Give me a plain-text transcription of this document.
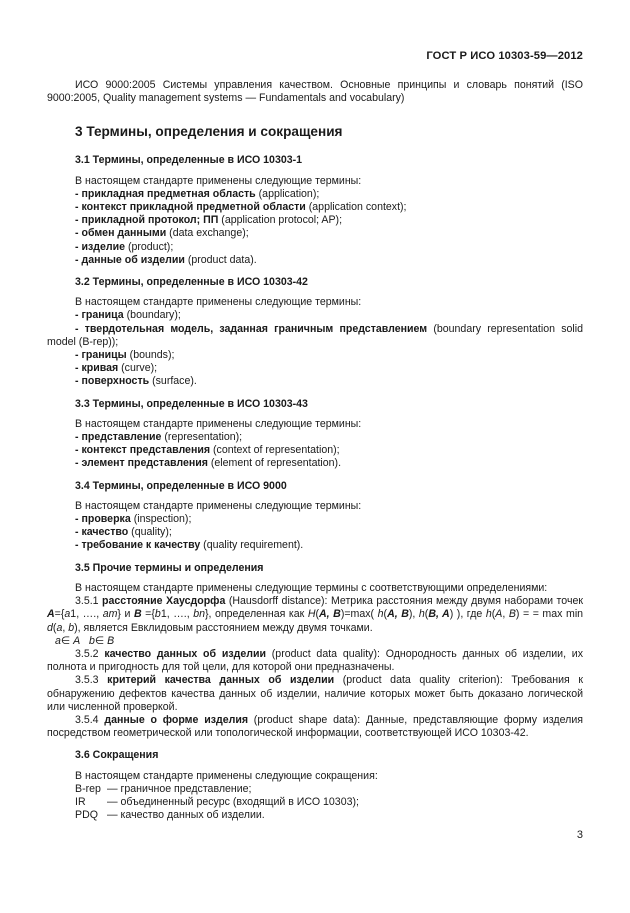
ГОСТ Р ИСО 10303-59—2012

ИСО 9000:2005 Системы управления качеством. Основные принципы и словарь понятий (ISO 9000:2005, Quality management systems — Fundamentals and vocabulary)

3 Термины, определения и сокращения

3.1 Термины, определенные в ИСО 10303-1

В настоящем стандарте применены следующие термины:

- прикладная предметная область (application);

- контекст прикладной предметной области (application context);

- прикладной протокол; ПП (application protocol; AP);

- обмен данными (data exchange);

- изделие (product);

- данные об изделии (product data).

3.2 Термины, определенные в ИСО 10303-42

В настоящем стандарте применены следующие термины:

- граница (boundary);

- твердотельная модель, заданная граничным представлением (boundary representation solid model (B-rep));

- границы (bounds);

- кривая (curve);

- поверхность (surface).

3.3 Термины, определенные в ИСО 10303-43

В настоящем стандарте применены следующие термины:

- представление (representation);

- контекст представления (context of representation);

- элемент представления (element of representation).

3.4 Термины, определенные в ИСО 9000

В настоящем стандарте применены следующие термины:

- проверка (inspection);

- качество (quality);

- требование к качеству (quality requirement).

3.5 Прочие термины и определения

В настоящем стандарте применены следующие термины с соответствующими определениями:

3.5.1 расстояние Хаусдорфа (Hausdorff distance): Метрика расстояния между двумя наборами точек A={a1, …., am} и B ={b1, …., bn}, определенная как H(A, B)=max( h(A, B), h(B, A) ), где h(A, B) = = max min d(a, b), является Евклидовым расстоянием между двумя точками.

a∈ A b∈ B

3.5.2 качество данных об изделии (product data quality): Однородность данных об изделии, их полнота и пригодность для той цели, для которой они предназначены.

3.5.3 критерий качества данных об изделии (product data quality criterion): Требования к обнаружению дефектов качества данных об изделии, наличие которых может быть доказано логической или численной проверкой.

3.5.4 данные о форме изделия (product shape data): Данные, представляющие форму изделия посредством геометрической или топологической информации, соответствующей ИСО 10303-42.

3.6 Сокращения

В настоящем стандарте применены следующие сокращения:

B-rep — граничное представление;
IR	— объединенный ресурс (входящий в ИСО 10303);
PDQ — качество данных об изделии.
3
